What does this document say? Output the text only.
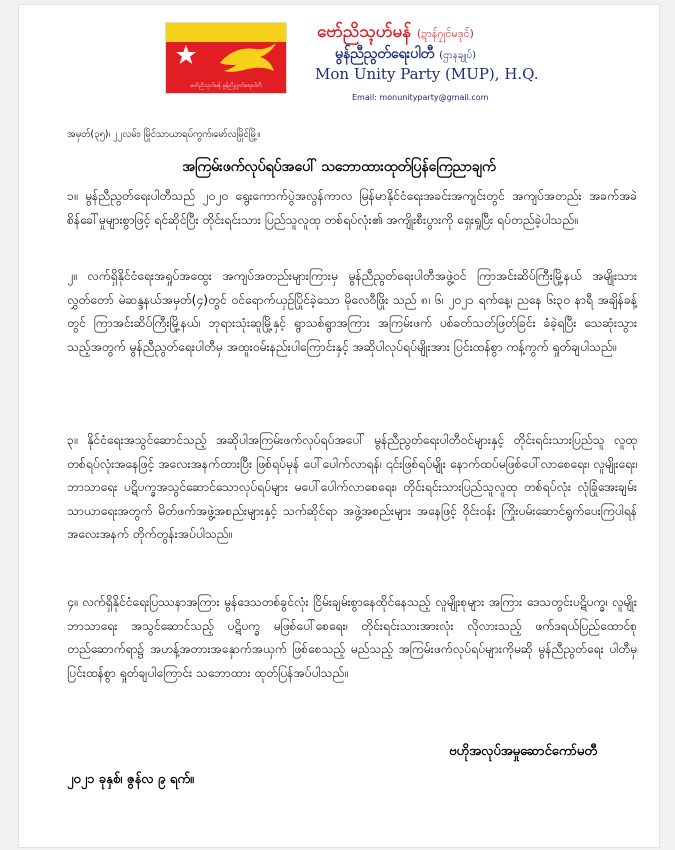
ဗော်ညိသ္ၚဟ်မန် မွန်ညီညွတ်ရေးပါတီ
ဗော်ညိသ္ၚဟ်မန် (ဍာန်ဂၠုင်မဒုင်)
မွန်ညီညွတ်ရေးပါတီ (ဌာနချုပ်)
Mon Unity Party (MUP), H.Q.
Email: monunityparty@gmail.com
အမှတ်(၃၅)၊ ၂၂လမ်း၊ မြိုင်သာယာရပ်ကွက်၊မော်လမြိုင်မြို့။
အကြမ်းဖက်လုပ်ရပ်အပေါ် သဘောထားထုတ်ပြန်ကြေညာချက်
၁။ မွန်ညီညွတ်ရေးပါတီသည် ၂၀၂၀ ရွေးကောက်ပွဲအလွန်ကာလ မြန်မာနိုင်ငံရေးအခင်းအကျင်းတွင် အကျပ်အတည်း အခက်အခဲ စိန်ခေါ်မှုများစွာဖြင့် ရင်ဆိုင်ပြီး တိုင်းရင်းသား ပြည်သူလူထု တစ်ရပ်လုံး၏ အကျိုးစီးပွားကို ရှေးရှုပြီး ရပ်တည်ခဲ့ပါသည်။
၂။ လက်ရှိနိုင်ငံရေးအရှုပ်အထွေး အကျပ်အတည်းများကြားမှ မွန်ညီညွတ်ရေးပါတီအဖွဲ့ဝင် ကြာအင်းဆိပ်ကြီးမြို့နယ် အမျိုးသားလွှတ်တော် မဲဆန္ဒနယ်အမှတ်(၄)တွင် ဝင်ရောက်ယှဉ်ပြိုင်ခဲ့သော မိုလေဝီဖြိုး သည် ၈၊ ၆၊ ၂၀၂၁ ရက်နေ့၊ ညနေ ၆း၃၀ နာရီ အချိန်ခန့်တွင် ကြာအင်းဆိပ်ကြီးမြို့နယ်၊ ဘုရားသုံးဆူမြို့နှင့် ရွာသစ်ရွာအကြား အကြမ်းဖက် ပစ်ခတ်သတ်ဖြတ်ခြင်း ခံခဲ့ရပြီး သေဆုံးသွားသည့်အတွက် မွန်ညီညွတ်ရေးပါတီမှ အထူးဝမ်းနည်းပါကြောင်းနှင့် အဆိုပါလုပ်ရပ်မျိုးအား ပြင်းထန်စွာ ကန့်ကွက် ရှုတ်ချပါသည်။
၃။ နိုင်ငံရေးအသွင်ဆောင်သည့် အဆိုပါအကြမ်းဖက်လုပ်ရပ်အပေါ် မွန်ညီညွတ်ရေးပါတီဝင်များနှင့် တိုင်းရင်းသားပြည်သူ လူထုတစ်ရပ်လုံးအနေဖြင့် အလေးအနက်ထားပြီး ဖြစ်ရပ်မှန် ပေါ်ပေါက်လာရန်၊ ၎င်းဖြစ်ရပ်မျိုး နောက်ထပ်မဖြစ်ပေါ်လာစေရေး၊ လူမျိုးရေး၊ ဘာသာရေး ပဋိပက္ခအသွင်ဆောင်သောလုပ်ရပ်များ မပေါ်ပေါက်လာစေရေး၊ တိုင်းရင်းသားပြည်သူလူထု တစ်ရပ်လုံး လုံခြုံအေးချမ်းသာယာရေးအတွက် မိတ်ဖက်အဖွဲ့အစည်းများနှင့် သက်ဆိုင်ရာ အဖွဲ့အစည်းများ အနေဖြင့် ဝိုင်းဝန်း ကြိုးပမ်းဆောင်ရွက်ပေးကြပါရန် အလေးအနက် တိုက်တွန်းအပ်ပါသည်။
၄။ လက်ရှိနိုင်ငံရေးပြဿနာအကြား မွန်ဒေသတစ်ခွင်လုံး ငြိမ်းချမ်းစွာနေထိုင်နေသည့် လူမျိုးစုများ အကြား ဒေသတွင်းပဋိပက္ခ၊ လူမျိုးဘာသာရေး အသွင်ဆောင်သည့် ပဋိပက္ခ မဖြစ်ပေါ်စေရေး၊ တိုင်းရင်းသားအားလုံး လိုလားသည့် ဖက်ဒရယ်ပြည်ထောင်စု တည်ဆောက်ရာ၌ အဟန့်အတားအနှောက်အယှက် ဖြစ်စေသည့် မည်သည့် အကြမ်းဖက်လုပ်ရပ်များကိုမဆို မွန်ညီညွတ်ရေး ပါတီမှ ပြင်းထန်စွာ ရှုတ်ချပါကြောင်း သဘောထား ထုတ်ပြန်အပ်ပါသည်။
ဗဟိုအလုပ်အမှုဆောင်ကော်မတီ
၂၀၂၁ ခုနှစ်၊ ဇွန်လ ၉ ရက်။
